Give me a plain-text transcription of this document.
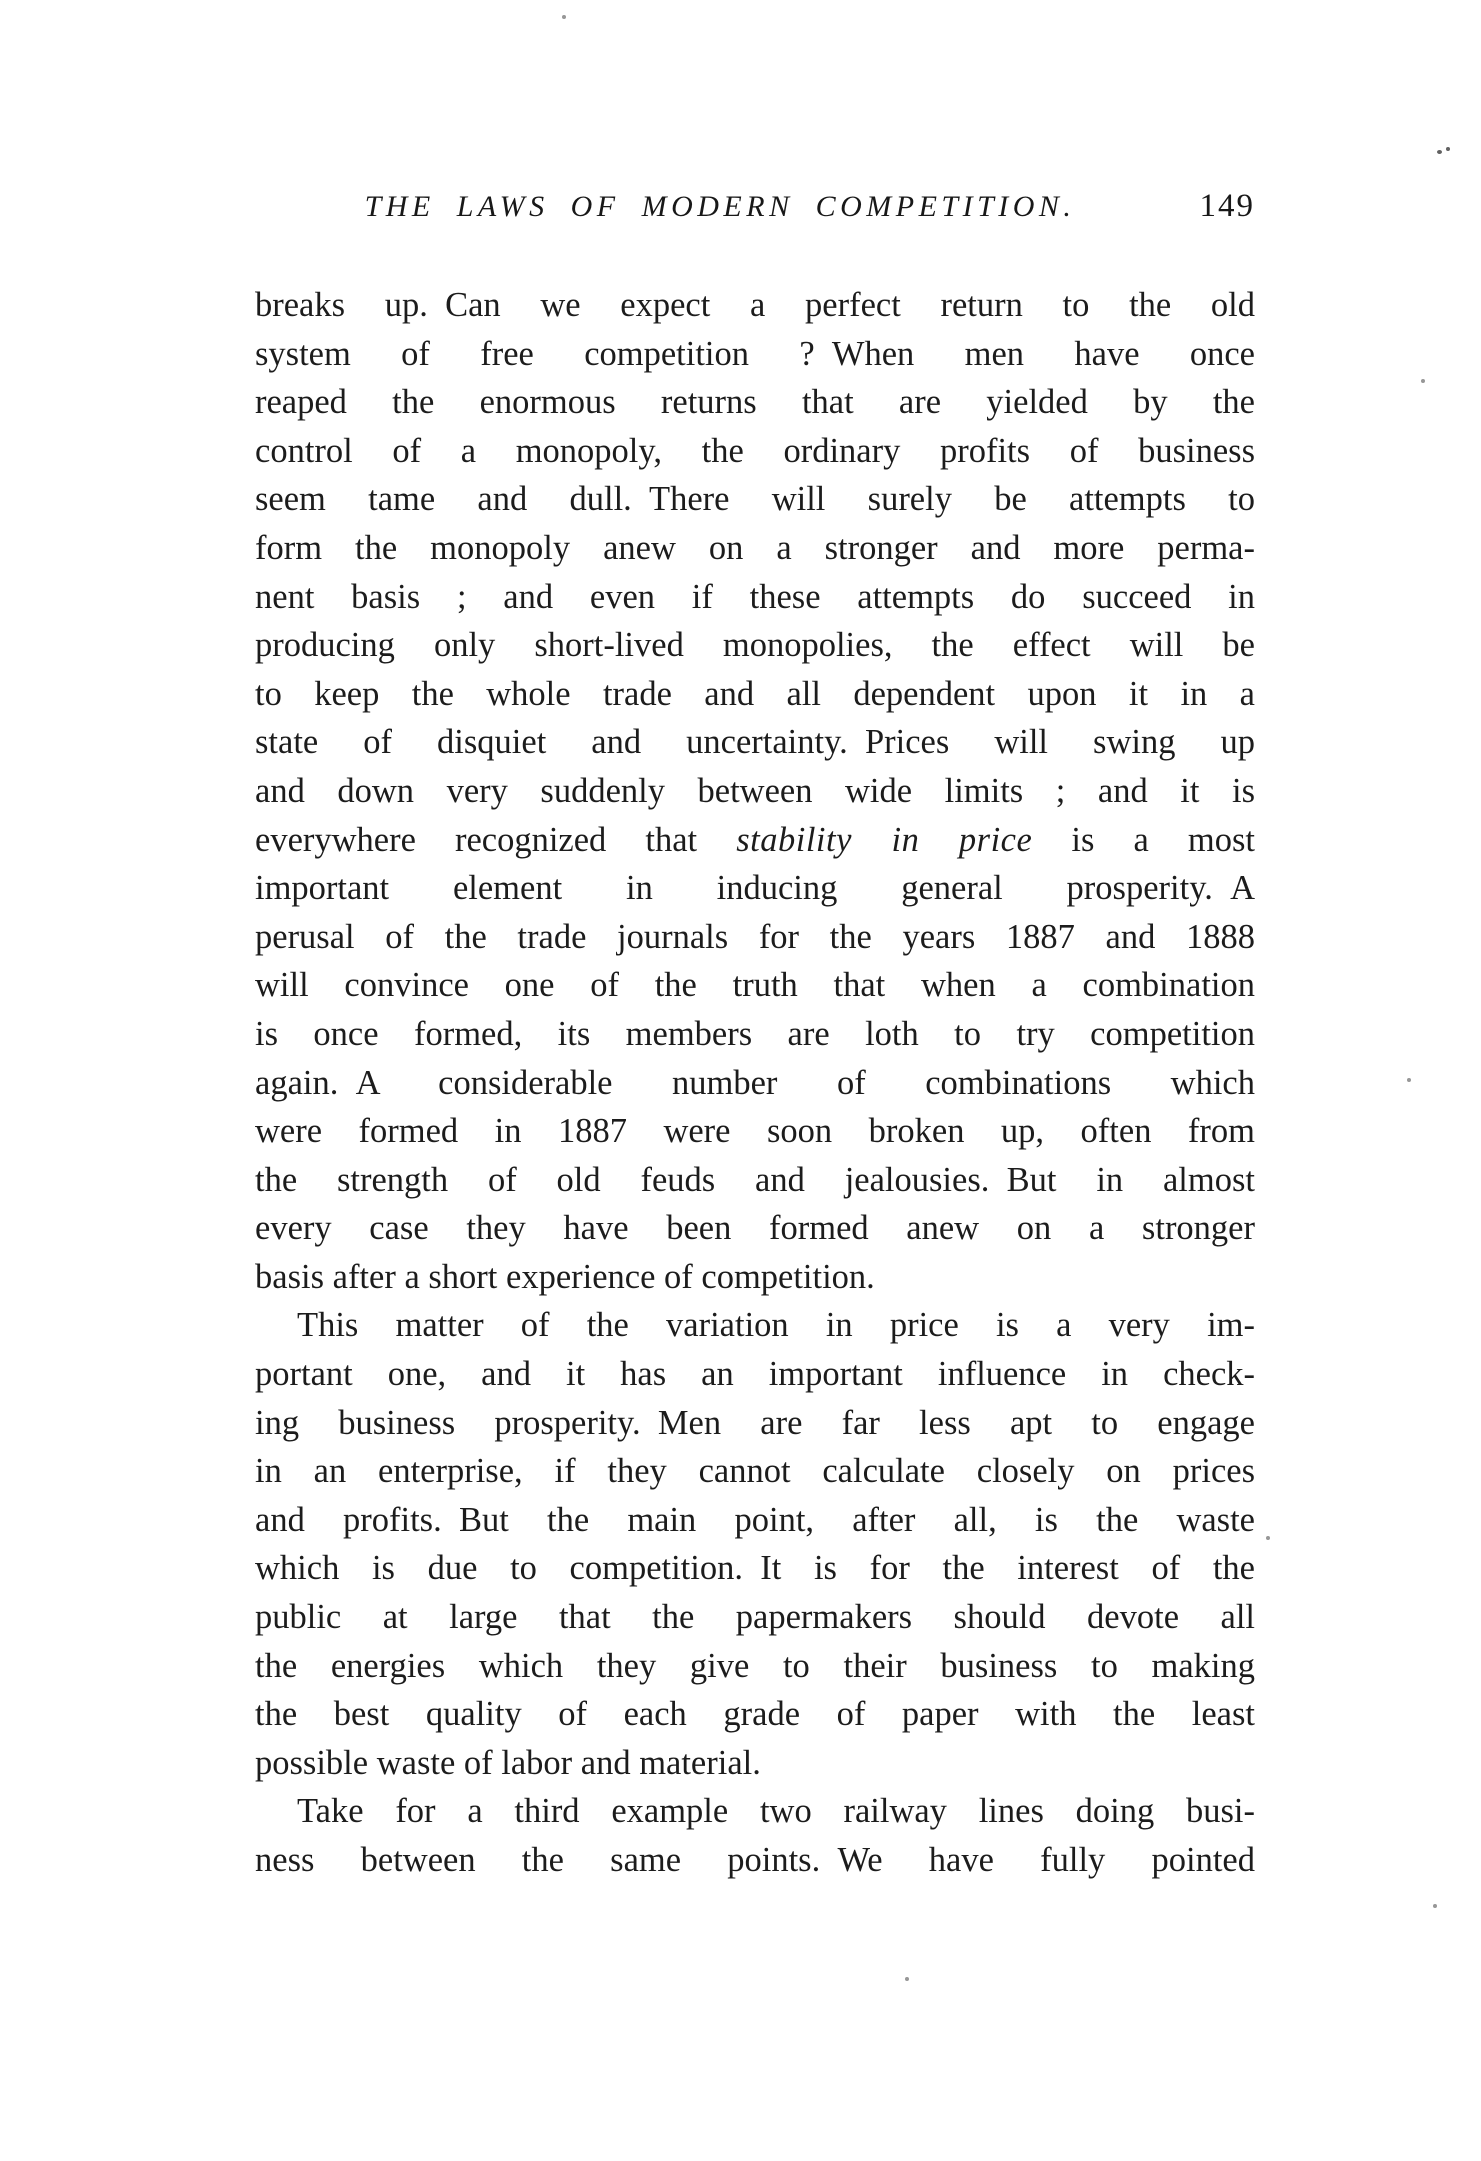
THE LAWS OF MODERN COMPETITION.	149
breaks up. Can we expect a perfect return to the old
system of free competition ? When men have once
reaped the enormous returns that are yielded by the
control of a monopoly, the ordinary profits of business
seem tame and dull. There will surely be attempts to
form the monopoly anew on a stronger and more perma-
nent basis ; and even if these attempts do succeed in
producing only short-lived monopolies, the effect will be
to keep the whole trade and all dependent upon it in a
state of disquiet and uncertainty. Prices will swing up
and down very suddenly between wide limits ; and it is
everywhere recognized that stability in price is a most
important element in inducing general prosperity. A
perusal of the trade journals for the years 1887 and 1888
will convince one of the truth that when a combination
is once formed, its members are loth to try competition
again. A considerable number of combinations which
were formed in 1887 were soon broken up, often from
the strength of old feuds and jealousies. But in almost
every case they have been formed anew on a stronger
basis after a short experience of competition.
This matter of the variation in price is a very im-
portant one, and it has an important influence in check-
ing business prosperity. Men are far less apt to engage
in an enterprise, if they cannot calculate closely on prices
and profits. But the main point, after all, is the waste
which is due to competition. It is for the interest of the
public at large that the papermakers should devote all
the energies which they give to their business to making
the best quality of each grade of paper with the least
possible waste of labor and material.
Take for a third example two railway lines doing busi-
ness between the same points. We have fully pointed
